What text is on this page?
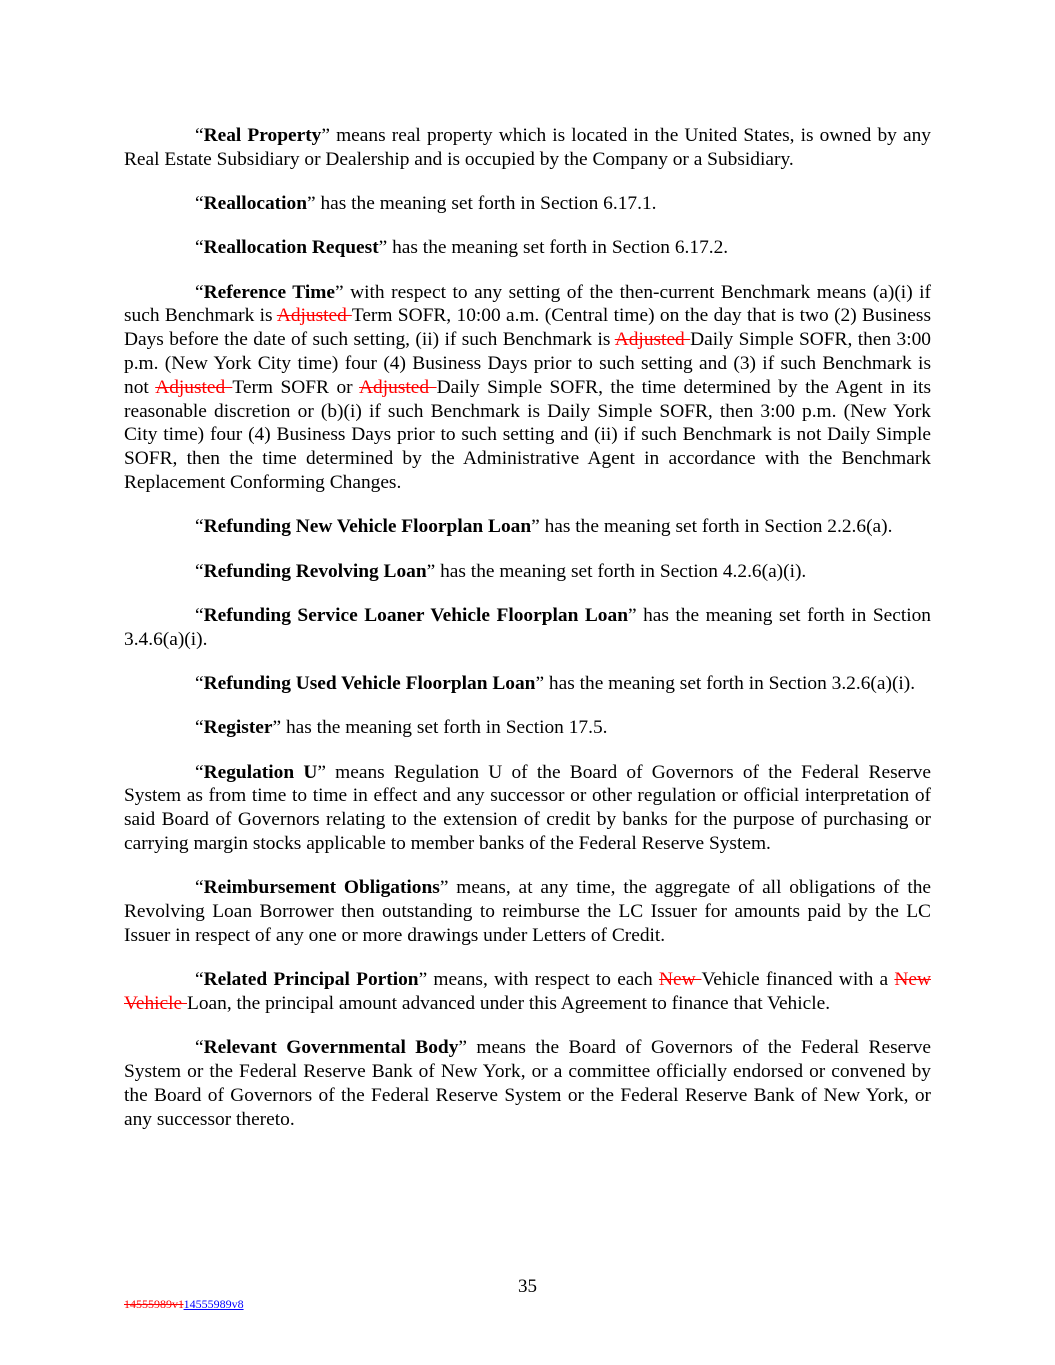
“Real Property” means real property which is located in the United States, is owned by any Real Estate Subsidiary or Dealership and is occupied by the Company or a Subsidiary.

“Reallocation” has the meaning set forth in Section 6.17.1.

“Reallocation Request” has the meaning set forth in Section 6.17.2.

“Reference Time” with respect to any setting of the then-current Benchmark means (a)(i) if such Benchmark is Adjusted Term SOFR, 10:00 a.m. (Central time) on the day that is two (2) Business Days before the date of such setting, (ii) if such Benchmark is Adjusted Daily Simple SOFR, then 3:00 p.m. (New York City time) four (4) Business Days prior to such setting and (3) if such Benchmark is not Adjusted Term SOFR or Adjusted Daily Simple SOFR, the time determined by the Agent in its reasonable discretion or (b)(i) if such Benchmark is Daily Simple SOFR, then 3:00 p.m. (New York City time) four (4) Business Days prior to such setting and (ii) if such Benchmark is not Daily Simple SOFR, then the time determined by the Administrative Agent in accordance with the Benchmark Replacement Conforming Changes.

“Refunding New Vehicle Floorplan Loan” has the meaning set forth in Section 2.2.6(a).

“Refunding Revolving Loan” has the meaning set forth in Section 4.2.6(a)(i).

“Refunding Service Loaner Vehicle Floorplan Loan” has the meaning set forth in Section 3.4.6(a)(i).

“Refunding Used Vehicle Floorplan Loan” has the meaning set forth in Section 3.2.6(a)(i).

“Register” has the meaning set forth in Section 17.5.

“Regulation U” means Regulation U of the Board of Governors of the Federal Reserve System as from time to time in effect and any successor or other regulation or official interpretation of said Board of Governors relating to the extension of credit by banks for the purpose of purchasing or carrying margin stocks applicable to member banks of the Federal Reserve System.

“Reimbursement Obligations” means, at any time, the aggregate of all obligations of the Revolving Loan Borrower then outstanding to reimburse the LC Issuer for amounts paid by the LC Issuer in respect of any one or more drawings under Letters of Credit.

“Related Principal Portion” means, with respect to each New Vehicle financed with a New Vehicle Loan, the principal amount advanced under this Agreement to finance that Vehicle.

“Relevant Governmental Body” means the Board of Governors of the Federal Reserve System or the Federal Reserve Bank of New York, or a committee officially endorsed or convened by the Board of Governors of the Federal Reserve System or the Federal Reserve Bank of New York, or any successor thereto.

35
14555989v114555989v8
